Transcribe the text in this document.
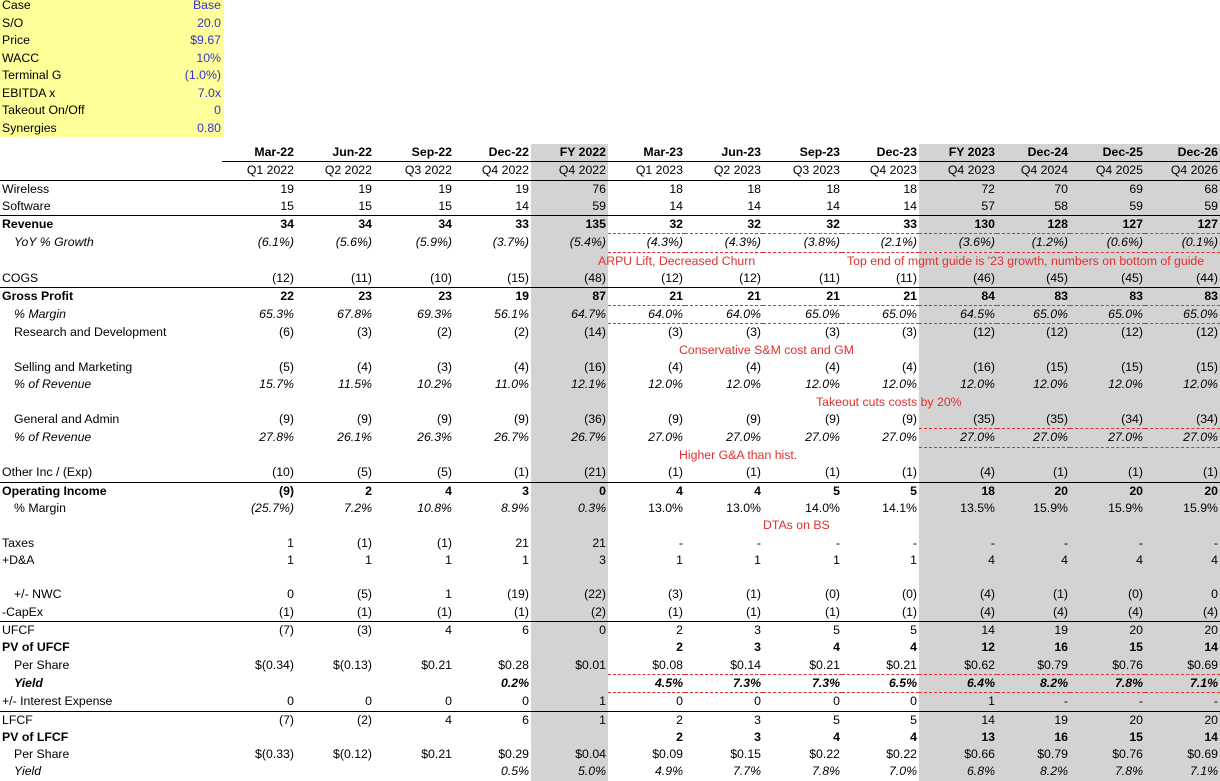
Case	Base
S/O	20.0
Price	$9.67
WACC	10%
Terminal G	(1.0%)
EBITDA x	7.0x
Takeout On/Off	0
Synergies	0.80
	Mar-22	Jun-22	Sep-22	Dec-22	FY 2022	Mar-23	Jun-23	Sep-23	Dec-23	FY 2023	Dec-24	Dec-25	Dec-26
	Q1 2022	Q2 2022	Q3 2022	Q4 2022	Q4 2022	Q1 2023	Q2 2023	Q3 2023	Q4 2023	Q4 2023	Q4 2024	Q4 2025	Q4 2026
Wireless	19	19	19	19	76	18	18	18	18	72	70	69	68
Software	15	15	15	14	59	14	14	14	14	57	58	59	59
Revenue	34	34	34	33	135	32	32	32	33	130	128	127	127
YoY % Growth	(6.1%)	(5.6%)	(5.9%)	(3.7%)	(5.4%)	(4.3%)	(4.3%)	(3.8%)	(2.1%)	(3.6%)	(1.2%)	(0.6%)	(0.1%)

						ARPU Lift, Decreased Churn				Top end of mgmt guide is '23 growth, numbers on bottom of guide			

COGS	(12)	(11)	(10)	(15)	(48)	(12)	(12)	(11)	(11)	(46)	(45)	(45)	(44)
Gross Profit	22	23	23	19	87	21	21	21	21	84	83	83	83
% Margin	65.3%	67.8%	69.3%	56.1%	64.7%	64.0%	64.0%	65.0%	65.0%	64.5%	65.0%	65.0%	65.0%
Research and Development	(6)	(3)	(2)	(2)	(14)	(3)	(3)	(3)	(3)	(12)	(12)	(12)	(12)

							Conservative S&M cost and GM						

Selling and Marketing	(5)	(4)	(3)	(4)	(16)	(4)	(4)	(4)	(4)	(16)	(15)	(15)	(15)
% of Revenue	15.7%	11.5%	10.2%	11.0%	12.1%	12.0%	12.0%	12.0%	12.0%	12.0%	12.0%	12.0%	12.0%

									Takeout cuts costs by 20%				

General and Admin	(9)	(9)	(9)	(9)	(36)	(9)	(9)	(9)	(9)	(35)	(35)	(34)	(34)
% of Revenue	27.8%	26.1%	26.3%	26.7%	26.7%	27.0%	27.0%	27.0%	27.0%	27.0%	27.0%	27.0%	27.0%

							Higher G&A than hist.						

Other Inc / (Exp)	(10)	(5)	(5)	(1)	(21)	(1)	(1)	(1)	(1)	(4)	(1)	(1)	(1)
Operating Income	(9)	2	4	3	0	4	4	5	5	18	20	20	20
% Margin	(25.7%)	7.2%	10.8%	8.9%	0.3%	13.0%	13.0%	14.0%	14.1%	13.5%	15.9%	15.9%	15.9%

								DTAs on BS					

Taxes	1	(1)	(1)	21	21	-	-	-	-	-	-	-	-
+D&A	1	1	1	1	3	1	1	1	1	4	4	4	4

+/- NWC	0	(5)	1	(19)	(22)	(3)	(1)	(0)	(0)	(4)	(1)	(0)	0
-CapEx	(1)	(1)	(1)	(1)	(2)	(1)	(1)	(1)	(1)	(4)	(4)	(4)	(4)
UFCF	(7)	(3)	4	6	0	2	3	5	5	14	19	20	20
PV of UFCF						2	3	4	4	12	16	15	14
Per Share	$(0.34)	$(0.13)	$0.21	$0.28	$0.01	$0.08	$0.14	$0.21	$0.21	$0.62	$0.79	$0.76	$0.69
Yield				0.2%		4.5%	7.3%	7.3%	6.5%	6.4%	8.2%	7.8%	7.1%
+/- Interest Expense	0	0	0	0	1	0	0	0	0	1	-	-	-
LFCF	(7)	(2)	4	6	1	2	3	5	5	14	19	20	20
PV of LFCF						2	3	4	4	13	16	15	14
Per Share	$(0.33)	$(0.12)	$0.21	$0.29	$0.04	$0.09	$0.15	$0.22	$0.22	$0.66	$0.79	$0.76	$0.69
Yield				0.5%	5.0%	4.9%	7.7%	7.8%	7.0%	6.8%	8.2%	7.8%	7.1%
